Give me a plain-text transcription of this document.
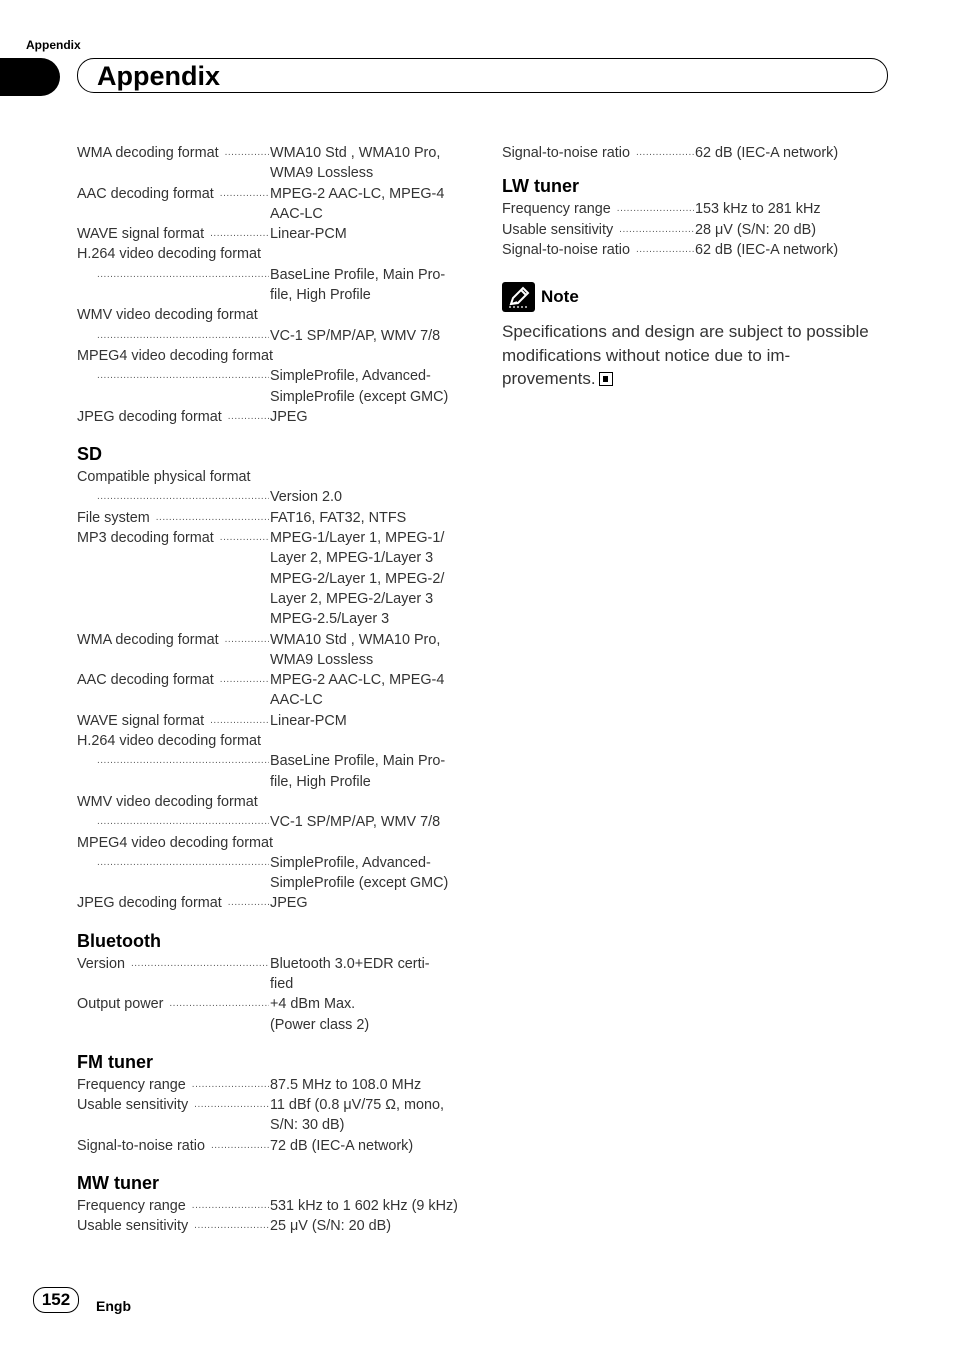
Appendix
Appendix
WMA decoding format .....	WMA10 Std , WMA10 Pro,
WMA9 Lossless
AAC decoding format .....	MPEG-2 AAC-LC, MPEG-4
AAC-LC
WAVE signal format .....	Linear-PCM
H.264 video decoding format
.....
BaseLine Profile, Main Pro-
file, High Profile
WMV video decoding format
.....
VC-1 SP/MP/AP, WMV 7/8
MPEG4 video decoding format
.....
SimpleProfile, Advanced-
SimpleProfile (except GMC)
JPEG decoding format .....	JPEG
SD
Compatible physical format
.....
Version 2.0
File system .....	FAT16, FAT32, NTFS
MP3 decoding format .....	MPEG-1/Layer 1, MPEG-1/
Layer 2, MPEG-1/Layer 3
MPEG-2/Layer 1, MPEG-2/
Layer 2, MPEG-2/Layer 3
MPEG-2.5/Layer 3
WMA decoding format .....	WMA10 Std , WMA10 Pro,
WMA9 Lossless
AAC decoding format .....	MPEG-2 AAC-LC, MPEG-4
AAC-LC
WAVE signal format .....	Linear-PCM
H.264 video decoding format
.....
BaseLine Profile, Main Pro-
file, High Profile
WMV video decoding format
.....
VC-1 SP/MP/AP, WMV 7/8
MPEG4 video decoding format
.....
SimpleProfile, Advanced-
SimpleProfile (except GMC)
JPEG decoding format .....	JPEG
Bluetooth
Version .....	Bluetooth 3.0+EDR certi-
fied
Output power .....	+4 dBm Max.
(Power class 2)
FM tuner
Frequency range .....	87.5 MHz to 108.0 MHz
Usable sensitivity .....	11 dBf (0.8 μV/75 Ω, mono,
S/N: 30 dB)
Signal-to-noise ratio .....	72 dB (IEC-A network)
MW tuner
Frequency range .....	531 kHz to 1 602 kHz (9 kHz)
Usable sensitivity .....	25 μV (S/N: 20 dB)
Signal-to-noise ratio .....	62 dB (IEC-A network)
LW tuner
Frequency range .....	153 kHz to 281 kHz
Usable sensitivity .....	28 μV (S/N: 20 dB)
Signal-to-noise ratio .....	62 dB (IEC-A network)
Note
Specifications and design are subject to possible
modifications without notice due to im-
provements.
152	Engb
